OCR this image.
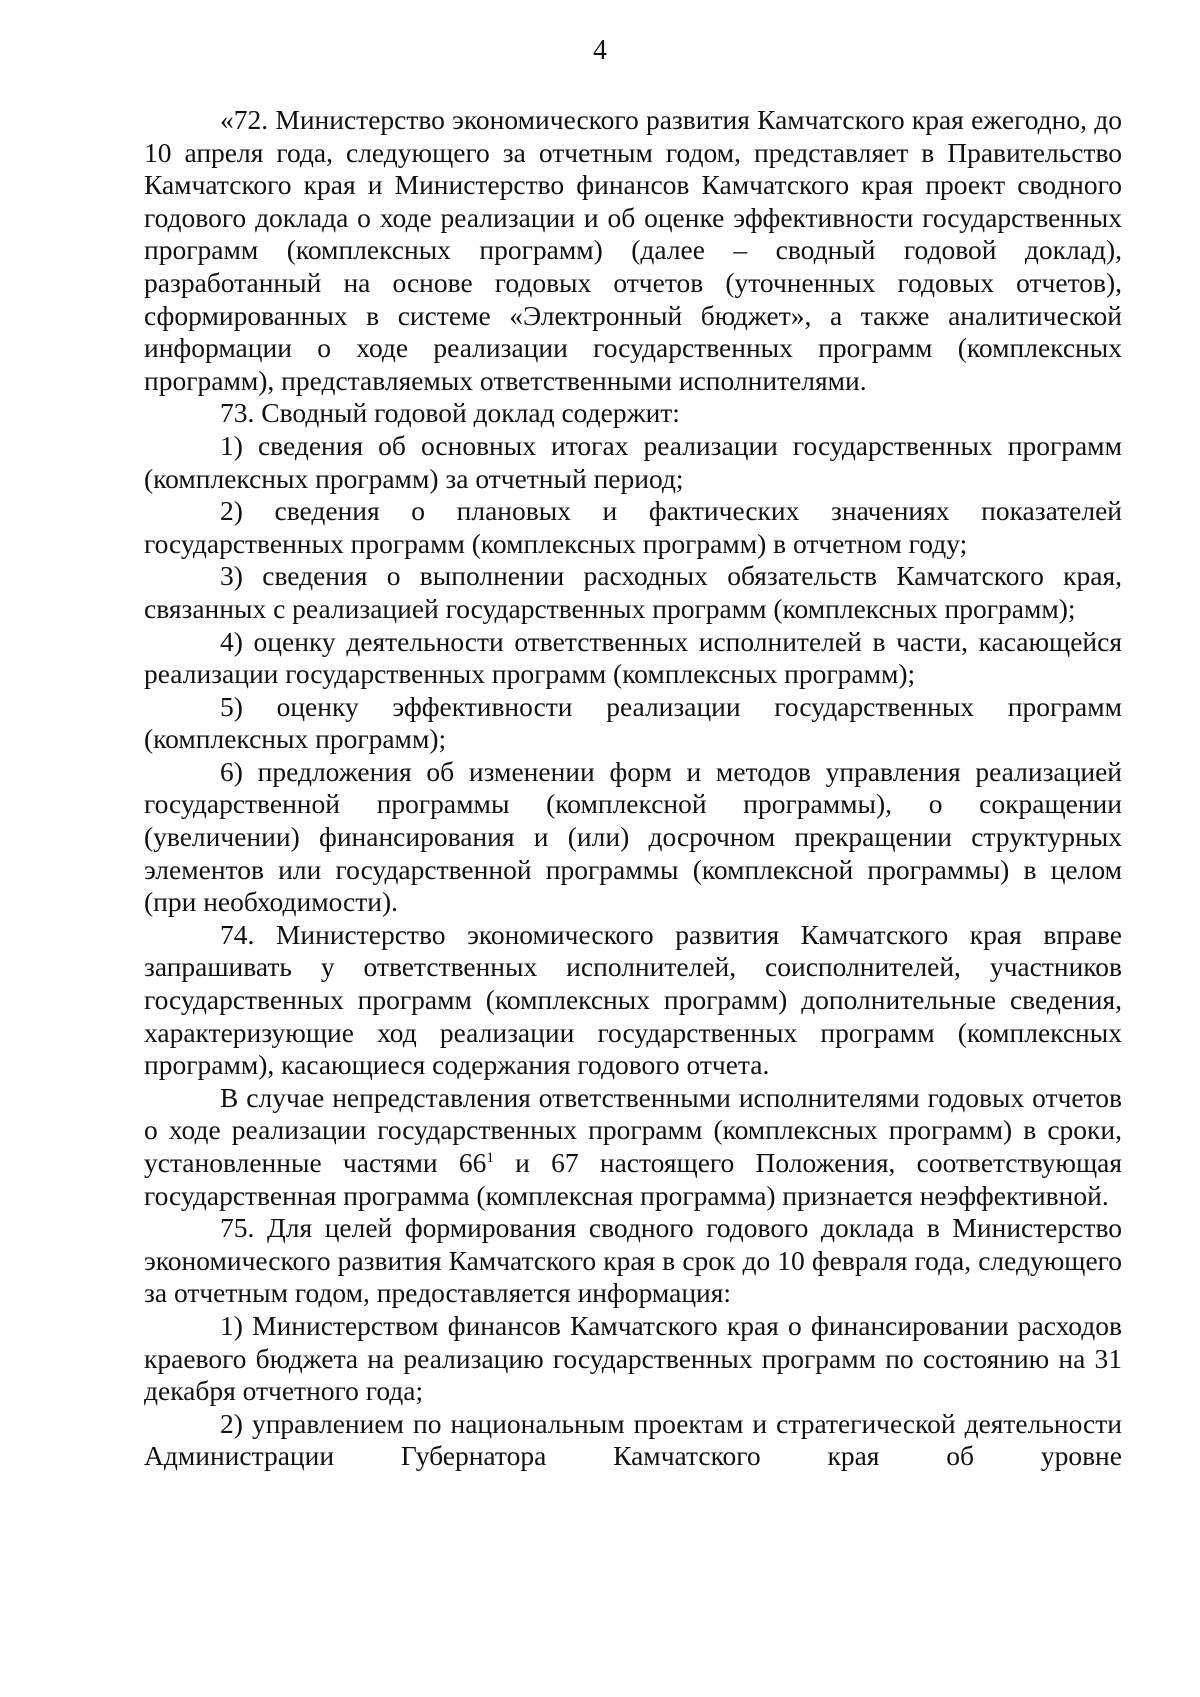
4

«72. Министерство экономического развития Камчатского края ежегодно, до 10 апреля года, следующего за отчетным годом, представляет в Правительство Камчатского края и Министерство финансов Камчатского края проект сводного годового доклада о ходе реализации и об оценке эффективности государственных программ (комплексных программ) (далее – сводный годовой доклад), разработанный на основе годовых отчетов (уточненных годовых отчетов), сформированных в системе «Электронный бюджет», а также аналитической информации о ходе реализации государственных программ (комплексных программ), представляемых ответственными исполнителями.

73. Сводный годовой доклад содержит:

1) сведения об основных итогах реализации государственных программ (комплексных программ) за отчетный период;

2) сведения о плановых и фактических значениях показателей государственных программ (комплексных программ) в отчетном году;

3) сведения о выполнении расходных обязательств Камчатского края, связанных с реализацией государственных программ (комплексных программ);

4) оценку деятельности ответственных исполнителей в части, касающейся реализации государственных программ (комплексных программ);

5) оценку эффективности реализации государственных программ (комплексных программ);

6) предложения об изменении форм и методов управления реализацией государственной программы (комплексной программы), о сокращении (увеличении) финансирования и (или) досрочном прекращении структурных элементов или государственной программы (комплексной программы) в целом (при необходимости).

74. Министерство экономического развития Камчатского края вправе запрашивать у ответственных исполнителей, соисполнителей, участников государственных программ (комплексных программ) дополнительные сведения, характеризующие ход реализации государственных программ (комплексных программ), касающиеся содержания годового отчета.

В случае непредставления ответственными исполнителями годовых отчетов о ходе реализации государственных программ (комплексных программ) в сроки, установленные частями $66^1$ и 67 настоящего Положения, соответствующая государственная программа (комплексная программа) признается неэффективной.

75. Для целей формирования сводного годового доклада в Министерство экономического развития Камчатского края в срок до 10 февраля года, следующего за отчетным годом, предоставляется информация:

1) Министерством финансов Камчатского края о финансировании расходов краевого бюджета на реализацию государственных программ по состоянию на 31 декабря отчетного года;

2) управлением по национальным проектам и стратегической деятельности Администрации Губернатора Камчатского края об уровне
